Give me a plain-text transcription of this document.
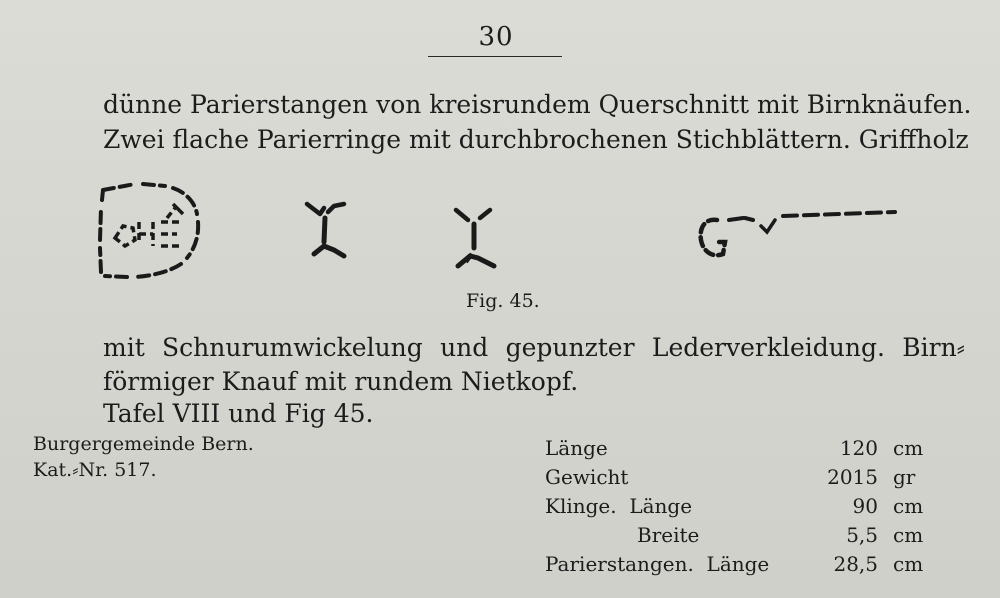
30
dünne Parierstangen von kreisrundem Querschnitt mit Birnknäufen.
Zwei flache Parierringe mit durchbrochenen Stichblättern. Griffholz
Fig. 45.
mit Schnurumwickelung und gepunzter Lederverkleidung. Birn⸗
förmiger Knauf mit rundem Nietkopf.
Tafel VIII und Fig 45.
Burgergemeinde Bern.
Kat.⸗Nr. 517.
Länge	120 cm
Gewicht	2015 gr
Klinge.  Länge	90 cm
Breite	5,5 cm
Parierstangen.  Länge	28,5 cm
